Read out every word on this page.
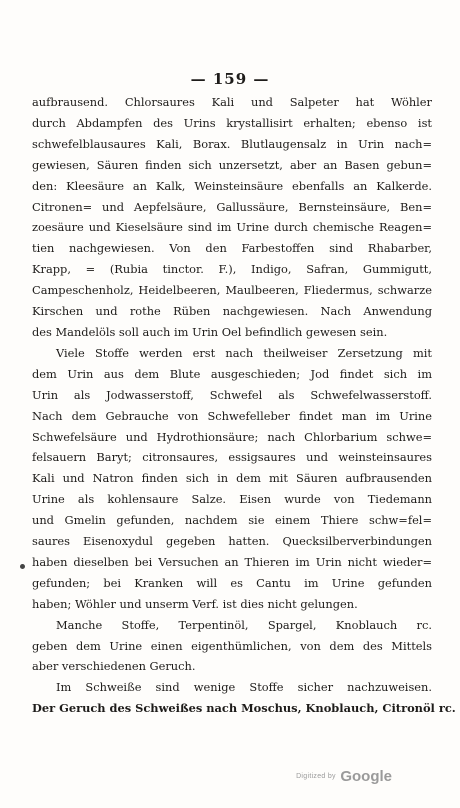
— 159 —
aufbrausend. Chlorsaures Kali und Salpeter hat Wöhler
durch Abdampfen des Urins krystallisirt erhalten; ebenso ist
schwefelblausaures Kali, Borax. Blutlaugensalz in Urin nach=
gewiesen, Säuren finden sich unzersetzt, aber an Basen gebun=
den: Kleesäure an Kalk, Weinsteinsäure ebenfalls an Kalkerde.
Citronen= und Aepfelsäure, Gallussäure, Bernsteinsäure, Ben=
zoesäure und Kieselsäure sind im Urine durch chemische Reagen=
tien nachgewiesen. Von den Farbestoffen sind Rhabarber,
Krapp, = (Rubia tinctor. F.), Indigo, Safran, Gummigutt,
Campeschenholz, Heidelbeeren, Maulbeeren, Fliedermus, schwarze
Kirschen und rothe Rüben nachgewiesen. Nach Anwendung
des Mandelöls soll auch im Urin Oel befindlich gewesen sein.
Viele Stoffe werden erst nach theilweiser Zersetzung mit
dem Urin aus dem Blute ausgeschieden; Jod findet sich im
Urin als Jodwasserstoff, Schwefel als Schwefelwasserstoff.
Nach dem Gebrauche von Schwefelleber findet man im Urine
Schwefelsäure und Hydrothionsäure; nach Chlorbarium schwe=
felsauern Baryt; citronsaures, essigsaures und weinsteinsaures
Kali und Natron finden sich in dem mit Säuren aufbrausenden
Urine als kohlensaure Salze. Eisen wurde von Tiedemann
und Gmelin gefunden, nachdem sie einem Thiere schw=fel=
saures Eisenoxydul gegeben hatten. Quecksilberverbindungen
haben dieselben bei Versuchen an Thieren im Urin nicht wieder=
gefunden; bei Kranken will es Cantu im Urine gefunden
haben; Wöhler und unserm Verf. ist dies nicht gelungen.
Manche Stoffe, Terpentinöl, Spargel, Knoblauch rc.
geben dem Urine einen eigenthümlichen, von dem des Mittels
aber verschiedenen Geruch.
Im Schweiße sind wenige Stoffe sicher nachzuweisen.
Der Geruch des Schweißes nach Moschus, Knoblauch, Citronöl rc.
Digitized by Google
